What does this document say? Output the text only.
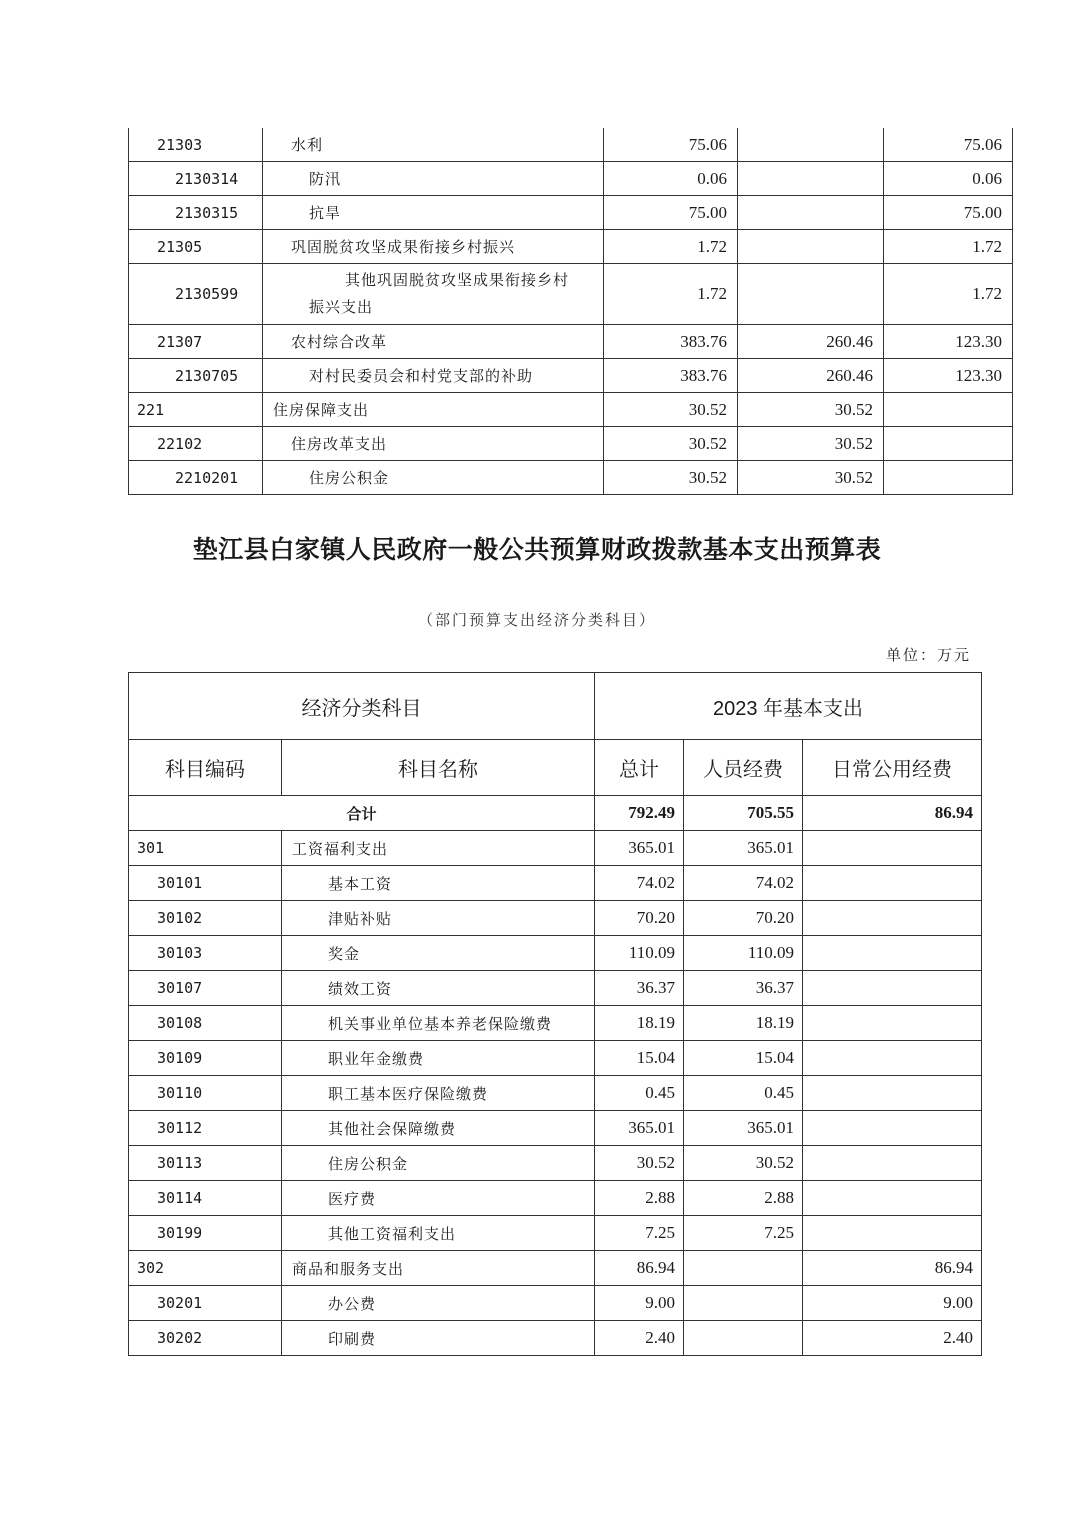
21303	水利	75.06		75.06
2130314	防汛	0.06		0.06
2130315	抗旱	75.00		75.00
21305	巩固脱贫攻坚成果衔接乡村振兴	1.72		1.72
2130599	其他巩固脱贫攻坚成果衔接乡村振兴支出	1.72		1.72
21307	农村综合改革	383.76	260.46	123.30
2130705	对村民委员会和村党支部的补助	383.76	260.46	123.30
221	住房保障支出	30.52	30.52	
22102	住房改革支出	30.52	30.52	
2210201	住房公积金	30.52	30.52	
垫江县白家镇人民政府一般公共预算财政拨款基本支出预算表
（部门预算支出经济分类科目）
单位：万元
经济分类科目		2023 年基本支出		
科目编码	科目名称	总计	人员经费	日常公用经费
合计		792.49	705.55	86.94
301	工资福利支出	365.01	365.01	
30101	基本工资	74.02	74.02	
30102	津贴补贴	70.20	70.20	
30103	奖金	110.09	110.09	
30107	绩效工资	36.37	36.37	
30108	机关事业单位基本养老保险缴费	18.19	18.19	
30109	职业年金缴费	15.04	15.04	
30110	职工基本医疗保险缴费	0.45	0.45	
30112	其他社会保障缴费	365.01	365.01	
30113	住房公积金	30.52	30.52	
30114	医疗费	2.88	2.88	
30199	其他工资福利支出	7.25	7.25	
302	商品和服务支出	86.94		86.94
30201	办公费	9.00		9.00
30202	印刷费	2.40		2.40
